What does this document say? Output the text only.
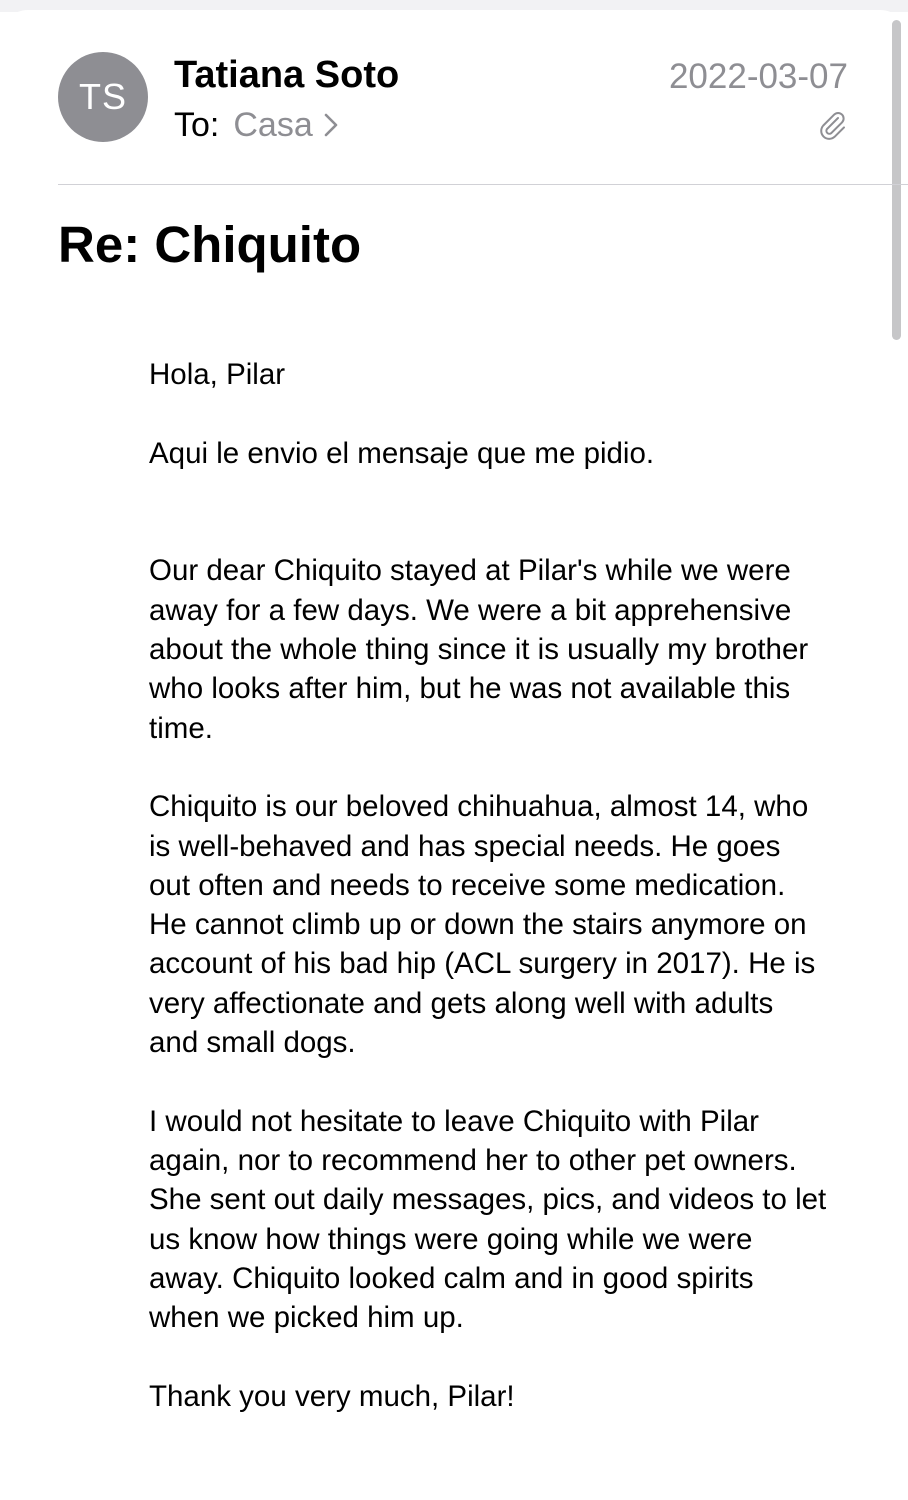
TS
Tatiana Soto
To: Casa
2022-03-07
Re: Chiquito

Hola, Pilar

Aqui le envio el mensaje que me pidio.

Our dear Chiquito stayed at Pilar's while we were away for a few days. We were a bit apprehensive about the whole thing since it is usually my brother who looks after him, but he was not available this time.

Chiquito is our beloved chihuahua, almost 14, who is well-behaved and has special needs. He goes out often and needs to receive some medication. He cannot climb up or down the stairs anymore on account of his bad hip (ACL surgery in 2017). He is very affectionate and gets along well with adults and small dogs.

I would not hesitate to leave Chiquito with Pilar again, nor to recommend her to other pet owners. She sent out daily messages, pics, and videos to let us know how things were going while we were away. Chiquito looked calm and in good spirits when we picked him up.

Thank you very much, Pilar!
